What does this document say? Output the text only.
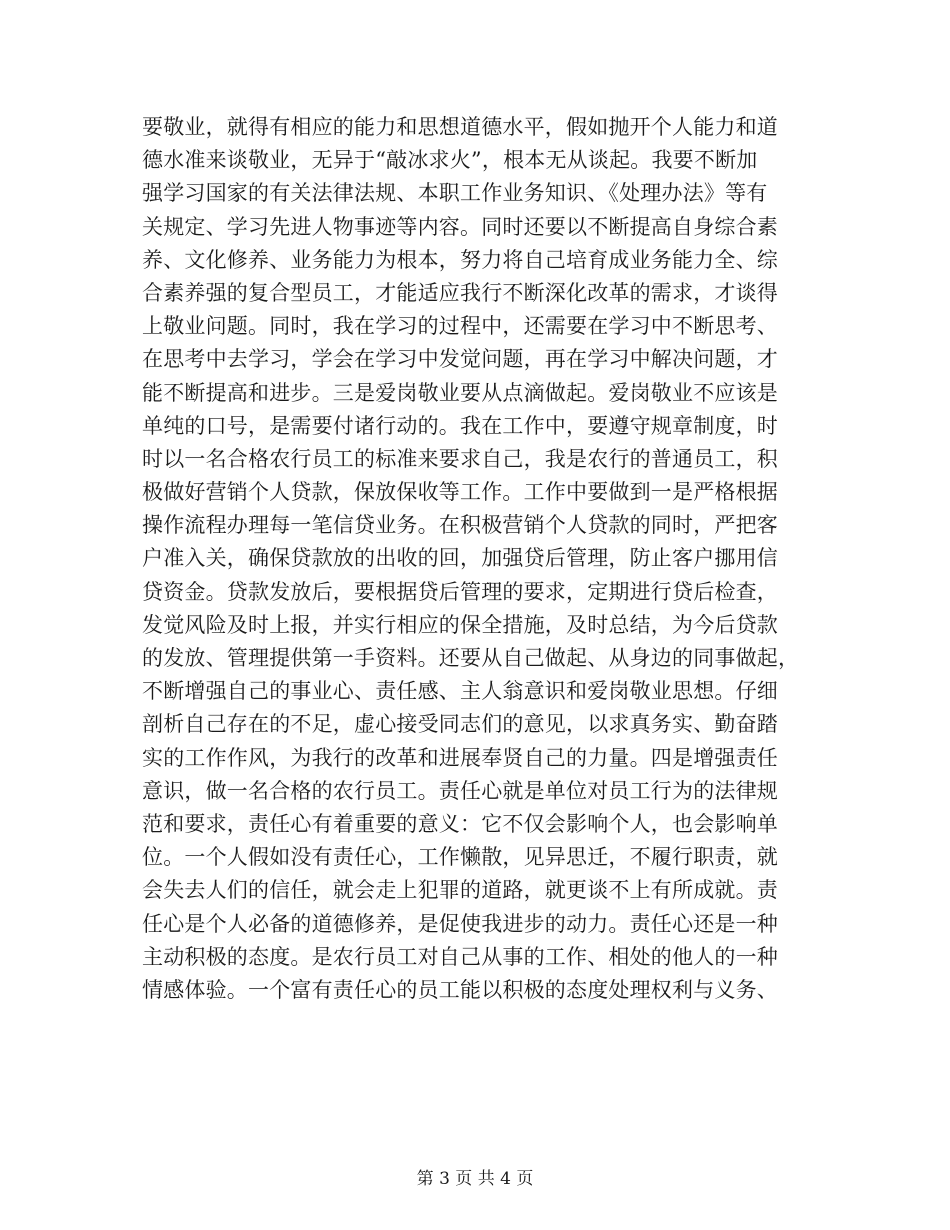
要敬业，就得有相应的能力和思想道德水平，假如抛开个人能力和道
德水准来谈敬业，无异于“敲冰求火”，根本无从谈起。我要不断加
强学习国家的有关法律法规、本职工作业务知识、《处理办法》等有
关规定、学习先进人物事迹等内容。同时还要以不断提高自身综合素
养、文化修养、业务能力为根本，努力将自己培育成业务能力全、综
合素养强的复合型员工，才能适应我行不断深化改革的需求，才谈得
上敬业问题。同时，我在学习的过程中，还需要在学习中不断思考、
在思考中去学习，学会在学习中发觉问题，再在学习中解决问题，才
能不断提高和进步。三是爱岗敬业要从点滴做起。爱岗敬业不应该是
单纯的口号，是需要付诸行动的。我在工作中，要遵守规章制度，时
时以一名合格农行员工的标准来要求自己，我是农行的普通员工，积
极做好营销个人贷款，保放保收等工作。工作中要做到一是严格根据
操作流程办理每一笔信贷业务。在积极营销个人贷款的同时，严把客
户准入关，确保贷款放的出收的回，加强贷后管理，防止客户挪用信
贷资金。贷款发放后，要根据贷后管理的要求，定期进行贷后检查，
发觉风险及时上报，并实行相应的保全措施，及时总结，为今后贷款
的发放、管理提供第一手资料。还要从自己做起、从身边的同事做起，
不断增强自己的事业心、责任感、主人翁意识和爱岗敬业思想。仔细
剖析自己存在的不足，虚心接受同志们的意见，以求真务实、勤奋踏
实的工作作风，为我行的改革和进展奉贤自己的力量。四是增强责任
意识，做一名合格的农行员工。责任心就是单位对员工行为的法律规
范和要求，责任心有着重要的意义：它不仅会影响个人，也会影响单
位。一个人假如没有责任心，工作懒散，见异思迁，不履行职责，就
会失去人们的信任，就会走上犯罪的道路，就更谈不上有所成就。责
任心是个人必备的道德修养，是促使我进步的动力。责任心还是一种
主动积极的态度。是农行员工对自己从事的工作、相处的他人的一种
情感体验。一个富有责任心的员工能以积极的态度处理权利与义务、
第 3 页 共 4 页
